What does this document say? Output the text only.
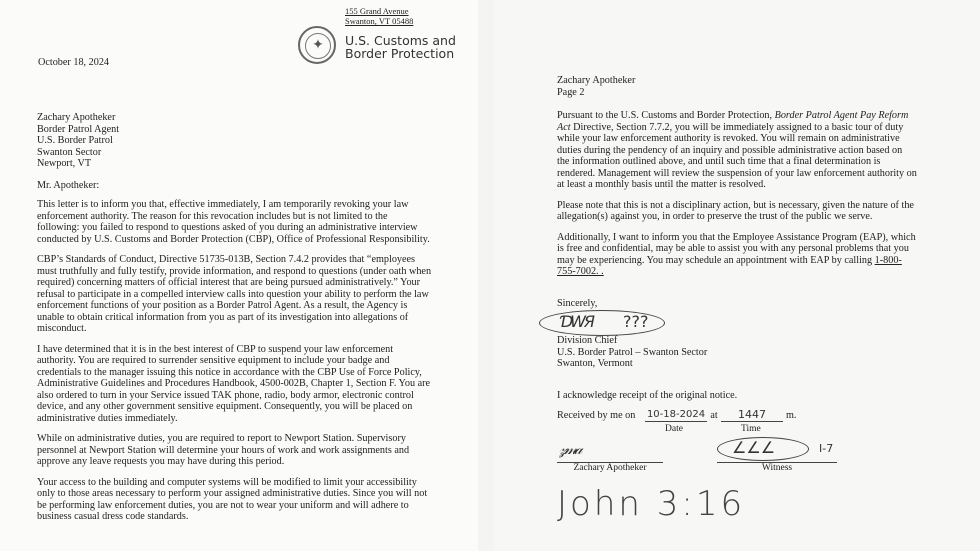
155 Grand Avenue
Swanton, VT 05488
✦	U.S. Customs and
Border Protection
October 18, 2024
Zachary Apotheker
Border Patrol Agent
U.S. Border Patrol
Swanton Sector
Newport, VT
Mr. Apotheker:

This letter is to inform you that, effective immediately, I am temporarily revoking your law enforcement authority. The reason for this revocation includes but is not limited to the following: you failed to respond to questions asked of you during an administrative interview conducted by U.S. Customs and Border Protection (CBP), Office of Professional Responsibility.

CBP’s Standards of Conduct, Directive 51735-013B, Section 7.4.2 provides that “employees must truthfully and fully testify, provide information, and respond to questions (under oath when required) concerning matters of official interest that are being pursued administratively.” Your refusal to participate in a compelled interview calls into question your ability to perform the law enforcement functions of your position as a Border Patrol Agent. As a result, the Agency is unable to obtain critical information from you as part of its investigation into allegations of misconduct.

I have determined that it is in the best interest of CBP to suspend your law enforcement authority. You are required to surrender sensitive equipment to include your badge and credentials to the manager issuing this notice in accordance with the CBP Use of Force Policy, Administrative Guidelines and Procedures Handbook, 4500-002B, Chapter 1, Section F. You are also ordered to turn in your Service issued TAK phone, radio, body armor, electronic control device, and any other government sensitive equipment. Consequently, you will be placed on administrative duties immediately.

While on administrative duties, you are required to report to Newport Station. Supervisory personnel at Newport Station will determine your hours of work and work assignments and approve any leave requests you may have during this period.

Your access to the building and computer systems will be modified to limit your accessibility only to those areas necessary to perform your assigned administrative duties. Since you will not be performing law enforcement duties, you are not to wear your uniform and will adhere to business casual dress code standards.

Zachary Apotheker
Page 2

Pursuant to the U.S. Customs and Border Protection, Border Patrol Agent Pay Reform Act Directive, Section 7.7.2, you will be immediately assigned to a basic tour of duty while your law enforcement authority is revoked. You will remain on administrative duties during the pendency of an inquiry and possible administrative action based on the information outlined above, and until such time that a final determination is rendered. Management will review the suspension of your law enforcement authority on at least a monthly basis until the matter is resolved.

Please note that this is not a disciplinary action, but is necessary, given the nature of the allegation(s) against you, in order to preserve the trust of the public we serve.

Additionally, I want to inform you that the Employee Assistance Program (EAP), which is free and confidential, may be able to assist you with any personal problems that you may be experiencing. You may schedule an appointment with EAP by calling 1-800-755-7002. .

Sincerely,
ƊWЯ ???
Division Chief
U.S. Border Patrol – Swanton Sector
Swanton, Vermont
I acknowledge receipt of the original notice.
Received by me on 10-18-2024 at 1447 m.
Date	Time
𝓏𝓂𝒶	∠∠∠	I-7
Zachary Apotheker	Witness
John 3:16
